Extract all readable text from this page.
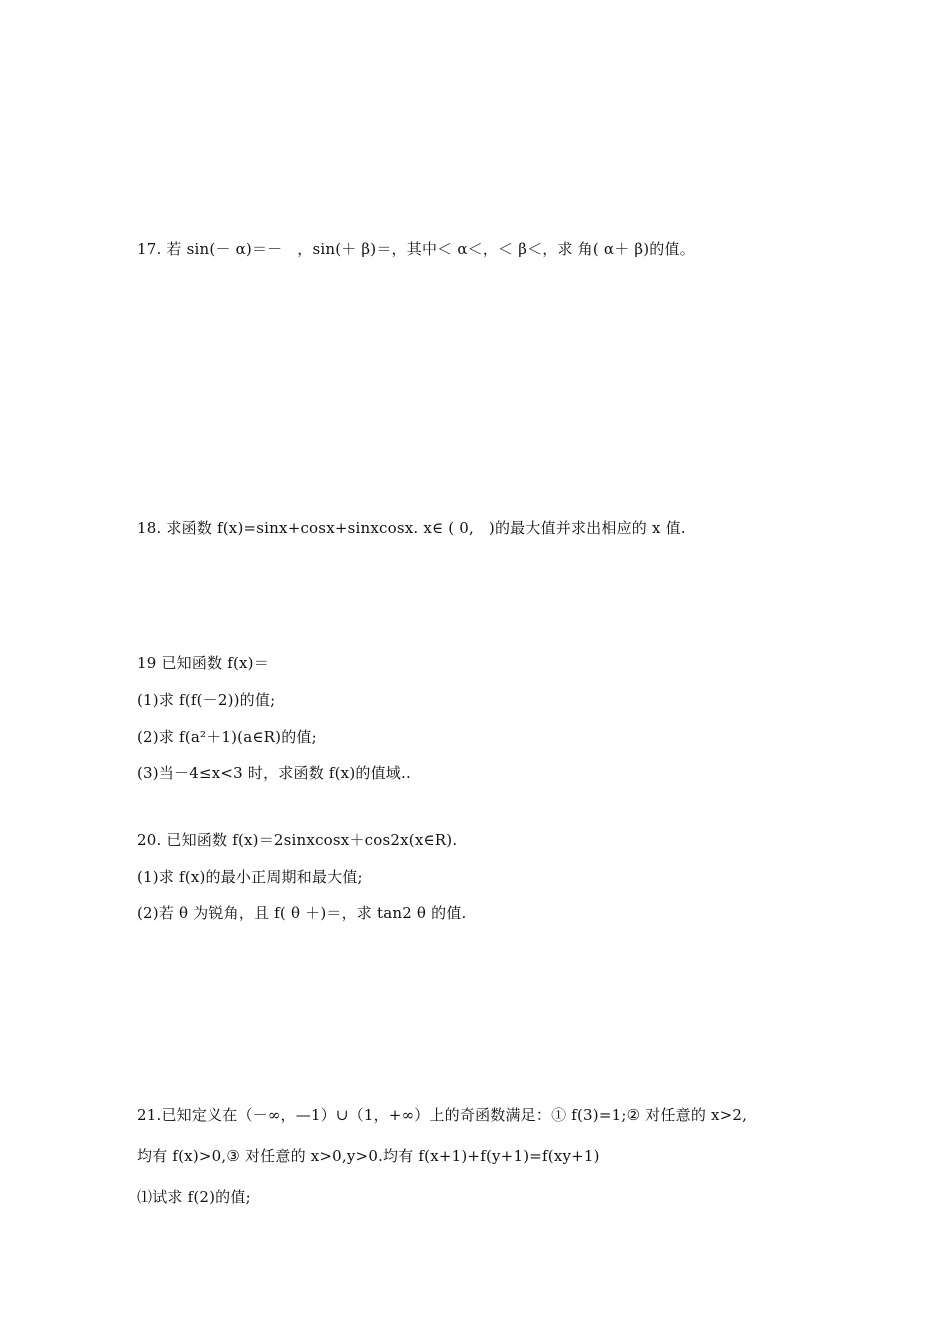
17. 若 sin(－ α)＝－   ，sin(＋ β)＝，其中＜ α＜，＜ β＜，求 角( α＋ β)的值。
18. 求函数 f(x)=sinx+cosx+sinxcosx. x∈ ( 0,   )的最大值并求出相应的 x 值.
19 已知函数 f(x)＝
(1)求 f(f(－2))的值;
(2)求 f(a²＋1)(a∈R)的值;
(3)当－4≤x<3 时，求函数 f(x)的值域..
20. 已知函数 f(x)＝2sinxcosx＋cos2x(x∈R).
(1)求 f(x)的最小正周期和最大值;
(2)若 θ 为锐角，且 f( θ ＋)＝，求 tan2 θ 的值.
21.已知定义在（－∞，—1）∪（1，+∞）上的奇函数满足：① f(3)=1;② 对任意的 x>2,
均有 f(x)>0,③ 对任意的 x>0,y>0.均有 f(x+1)+f(y+1)=f(xy+1)
⑴试求 f(2)的值;
